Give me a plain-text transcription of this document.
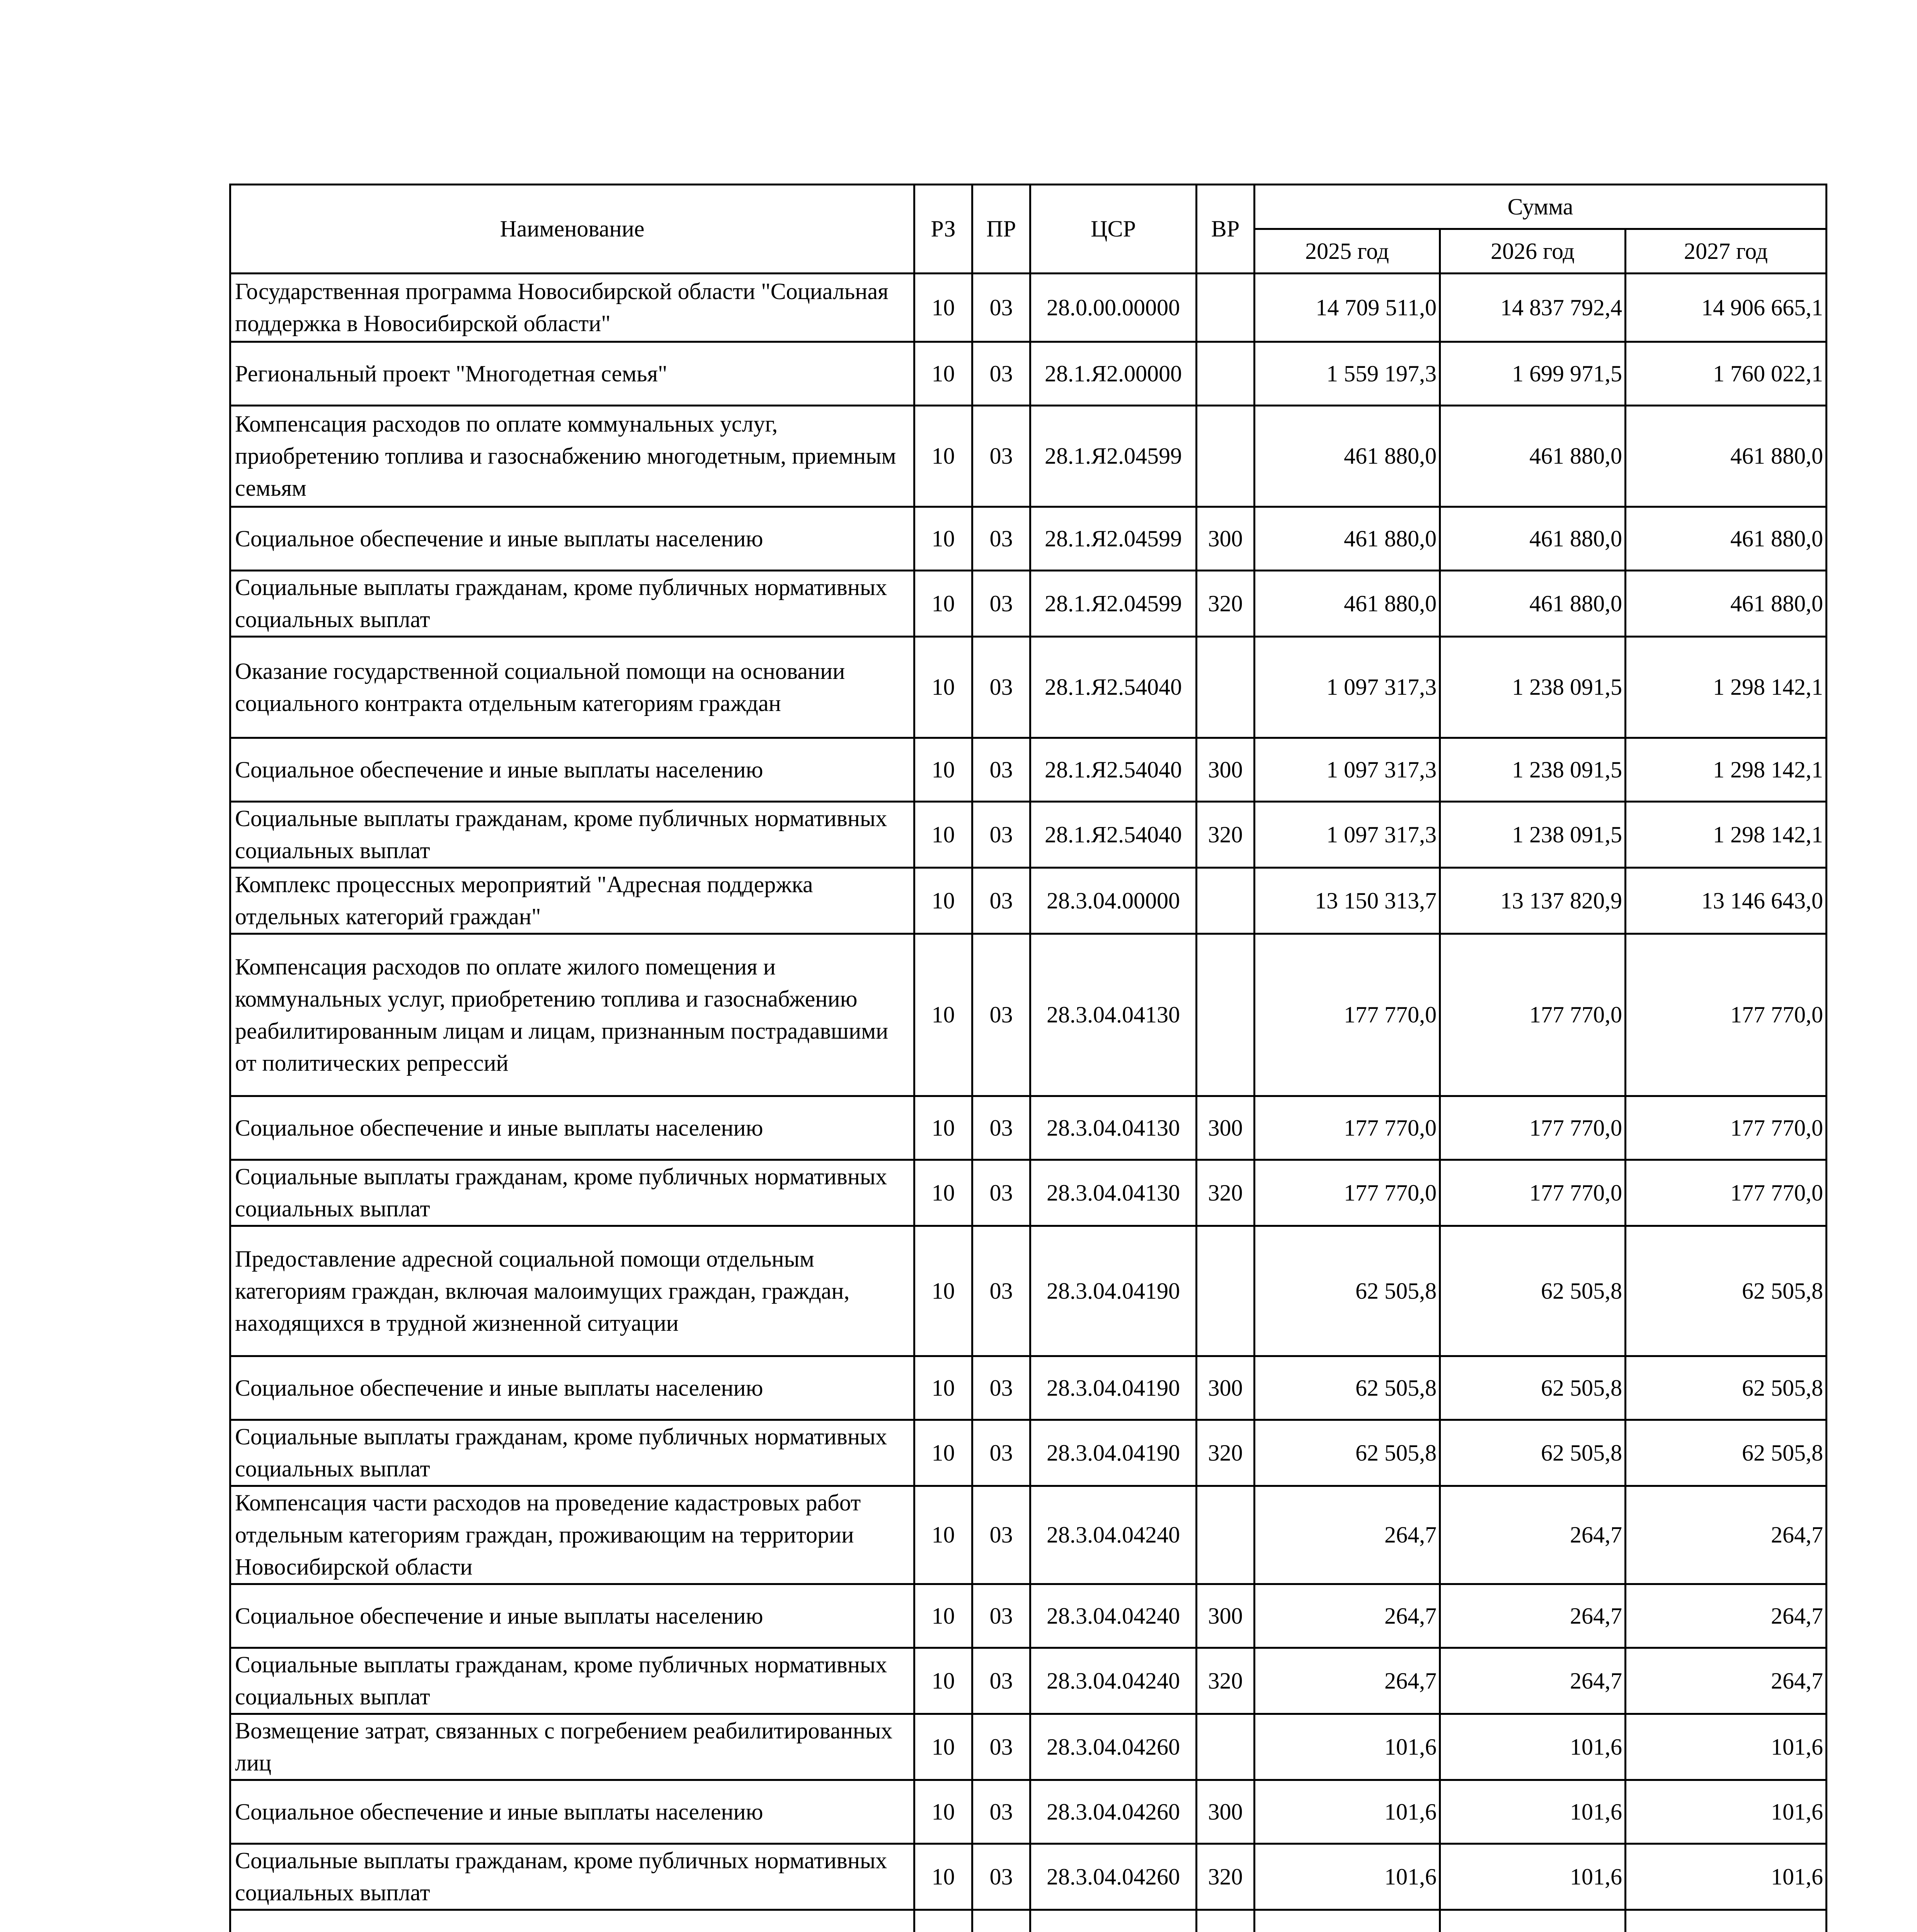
Наименование	РЗ	ПР	ЦСР	ВР	Сумма		
					2025 год	2026 год	2027 год
Государственная программа Новосибирской области "Социальная поддержка в Новосибирской области"	10	03	28.0.00.00000		14 709 511,0	14 837 792,4	14 906 665,1
Региональный проект "Многодетная семья"	10	03	28.1.Я2.00000		1 559 197,3	1 699 971,5	1 760 022,1
Компенсация расходов по оплате коммунальных услуг, приобретению топлива и газоснабжению многодетным, приемным семьям	10	03	28.1.Я2.04599		461 880,0	461 880,0	461 880,0
Социальное обеспечение и иные выплаты населению	10	03	28.1.Я2.04599	300	461 880,0	461 880,0	461 880,0
Социальные выплаты гражданам, кроме публичных нормативных социальных выплат	10	03	28.1.Я2.04599	320	461 880,0	461 880,0	461 880,0
Оказание государственной социальной помощи на основании социального контракта отдельным категориям граждан	10	03	28.1.Я2.54040		1 097 317,3	1 238 091,5	1 298 142,1
Социальное обеспечение и иные выплаты населению	10	03	28.1.Я2.54040	300	1 097 317,3	1 238 091,5	1 298 142,1
Социальные выплаты гражданам, кроме публичных нормативных социальных выплат	10	03	28.1.Я2.54040	320	1 097 317,3	1 238 091,5	1 298 142,1
Комплекс процессных мероприятий "Адресная поддержка отдельных категорий граждан"	10	03	28.3.04.00000		13 150 313,7	13 137 820,9	13 146 643,0
Компенсация расходов по оплате жилого помещения и коммунальных услуг, приобретению топлива и газоснабжению реабилитированным лицам и лицам, признанным пострадавшими от политических репрессий	10	03	28.3.04.04130		177 770,0	177 770,0	177 770,0
Социальное обеспечение и иные выплаты населению	10	03	28.3.04.04130	300	177 770,0	177 770,0	177 770,0
Социальные выплаты гражданам, кроме публичных нормативных социальных выплат	10	03	28.3.04.04130	320	177 770,0	177 770,0	177 770,0
Предоставление адресной социальной помощи отдельным категориям граждан, включая малоимущих граждан, граждан, находящихся в трудной жизненной ситуации	10	03	28.3.04.04190		62 505,8	62 505,8	62 505,8
Социальное обеспечение и иные выплаты населению	10	03	28.3.04.04190	300	62 505,8	62 505,8	62 505,8
Социальные выплаты гражданам, кроме публичных нормативных социальных выплат	10	03	28.3.04.04190	320	62 505,8	62 505,8	62 505,8
Компенсация части расходов на проведение кадастровых работ отдельным категориям граждан, проживающим на территории Новосибирской области	10	03	28.3.04.04240		264,7	264,7	264,7
Социальное обеспечение и иные выплаты населению	10	03	28.3.04.04240	300	264,7	264,7	264,7
Социальные выплаты гражданам, кроме публичных нормативных социальных выплат	10	03	28.3.04.04240	320	264,7	264,7	264,7
Возмещение затрат, связанных с погребением реабилитированных лиц	10	03	28.3.04.04260		101,6	101,6	101,6
Социальное обеспечение и иные выплаты населению	10	03	28.3.04.04260	300	101,6	101,6	101,6
Социальные выплаты гражданам, кроме публичных нормативных социальных выплат	10	03	28.3.04.04260	320	101,6	101,6	101,6
